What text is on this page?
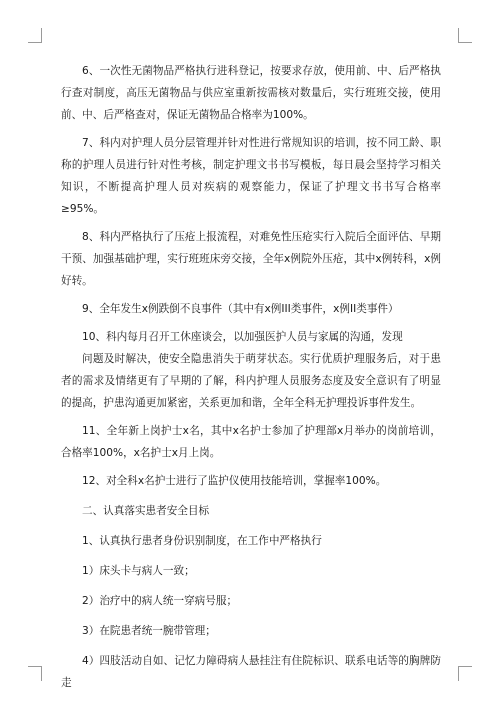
6、一次性无菌物品严格执行进科登记，按要求存放，使用前、中、后严格执行查对制度，高压无菌物品与供应室重新按需核对数量后，实行班班交接，使用前、中、后严格查对，保证无菌物品合格率为100%。

7、科内对护理人员分层管理并针对性进行常规知识的培训，按不同工龄、职称的护理人员进行针对性考核，制定护理文书书写模板，每日晨会坚持学习相关知识，不断提高护理人员对疾病的观察能力，保证了护理文书书写合格率≥95%。

8、科内严格执行了压疮上报流程，对难免性压疮实行入院后全面评估、早期干预、加强基础护理，实行班班床旁交接，全年x例院外压疮，其中x例转科，x例好转。

9、全年发生x例跌倒不良事件（其中有x例III类事件，x例II类事件）

10、科内每月召开工休座谈会，以加强医护人员与家属的沟通，发现

问题及时解决，使安全隐患消失于萌芽状态。实行优质护理服务后，对于患者的需求及情绪更有了早期的了解，科内护理人员服务态度及安全意识有了明显的提高，护患沟通更加紧密，关系更加和谐，全年全科无护理投诉事件发生。

11、全年新上岗护士x名，其中x名护士参加了护理部x月举办的岗前培训，合格率100%，x名护士x月上岗。

12、对全科x名护士进行了监护仪使用技能培训，掌握率100%。

二、认真落实患者安全目标

1、认真执行患者身份识别制度，在工作中严格执行

1）床头卡与病人一致；

2）治疗中的病人统一穿病号服；

3）在院患者统一腕带管理；

4）四肢活动自如、记忆力障碍病人悬挂注有住院标识、联系电话等的胸牌防走
